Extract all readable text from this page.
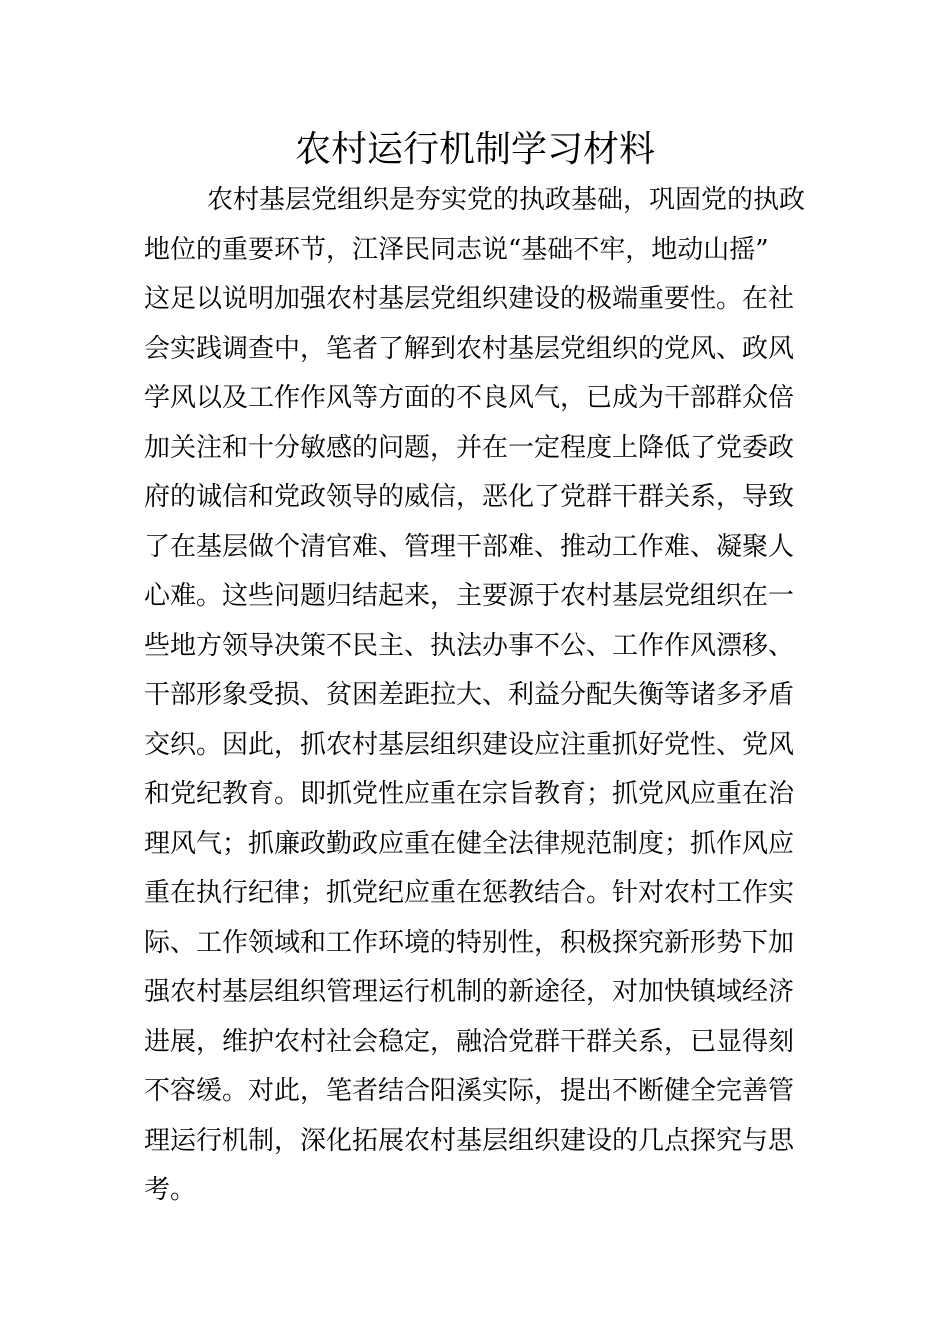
农村运行机制学习材料
农村基层党组织是夯实党的执政基础，巩固党的执政
地位的重要环节，江泽民同志说“基础不牢，地动山摇”
这足以说明加强农村基层党组织建设的极端重要性。在社
会实践调查中，笔者了解到农村基层党组织的党风、政风
学风以及工作作风等方面的不良风气，已成为干部群众倍
加关注和十分敏感的问题，并在一定程度上降低了党委政
府的诚信和党政领导的威信，恶化了党群干群关系，导致
了在基层做个清官难、管理干部难、推动工作难、凝聚人
心难。这些问题归结起来，主要源于农村基层党组织在一
些地方领导决策不民主、执法办事不公、工作作风漂移、
干部形象受损、贫困差距拉大、利益分配失衡等诸多矛盾
交织。因此，抓农村基层组织建设应注重抓好党性、党风
和党纪教育。即抓党性应重在宗旨教育；抓党风应重在治
理风气；抓廉政勤政应重在健全法律规范制度；抓作风应
重在执行纪律；抓党纪应重在惩教结合。针对农村工作实
际、工作领域和工作环境的特别性，积极探究新形势下加
强农村基层组织管理运行机制的新途径，对加快镇域经济
进展，维护农村社会稳定，融洽党群干群关系，已显得刻
不容缓。对此，笔者结合阳溪实际，提出不断健全完善管
理运行机制，深化拓展农村基层组织建设的几点探究与思
考。
